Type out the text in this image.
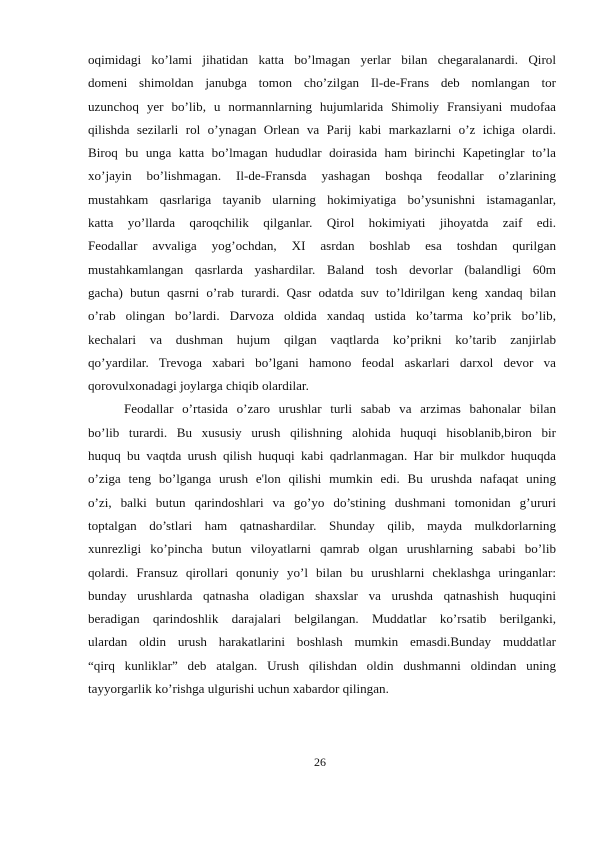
oqimidagi ko’lami jihatidan katta bo’lmagan yerlar bilan chegaralanardi. Qirol
domeni shimoldan janubga tomon cho’zilgan Il-de-Frans deb nomlangan tor
uzunchoq yer bo’lib, u normannlarning hujumlarida Shimoliy Fransiyani mudofaa
qilishda sezilarli rol o’ynagan Orlean va Parij kabi markazlarni o’z ichiga olardi.
Biroq bu unga katta bo’lmagan hududlar doirasida ham birinchi Kapetinglar to’la
xo’jayin bo’lishmagan. Il-de-Fransda yashagan boshqa feodallar o’zlarining
mustahkam qasrlariga tayanib ularning hokimiyatiga bo’ysunishni istamaganlar,
katta yo’llarda qaroqchilik qilganlar. Qirol hokimiyati jihoyatda zaif edi.
Feodallar avvaliga yog’ochdan, XI asrdan boshlab esa toshdan qurilgan
mustahkamlangan qasrlarda yashardilar. Baland tosh devorlar (balandligi 60m
gacha) butun qasrni o’rab turardi. Qasr odatda suv to’ldirilgan keng xandaq bilan
o’rab olingan bo’lardi. Darvoza oldida xandaq ustida ko’tarma ko’prik bo’lib,
kechalari va dushman hujum qilgan vaqtlarda ko’prikni ko’tarib zanjirlab
qo’yardilar. Trevoga xabari bo’lgani hamono feodal askarlari darxol devor va
qorovulxonadagi joylarga chiqib olardilar.
Feodallar o’rtasida o’zaro urushlar turli sabab va arzimas bahonalar bilan
bo’lib turardi. Bu xususiy urush qilishning alohida huquqi hisoblanib,biron bir
huquq bu vaqtda urush qilish huquqi kabi qadrlanmagan. Har bir mulkdor huquqda
o’ziga teng bo’lganga urush e'lon qilishi mumkin edi. Bu urushda nafaqat uning
o’zi, balki butun qarindoshlari va go’yo do’stining dushmani tomonidan g’ururi
toptalgan do’stlari ham qatnashardilar. Shunday qilib, mayda mulkdorlarning
xunrezligi ko’pincha butun viloyatlarni qamrab olgan urushlarning sababi bo’lib
qolardi. Fransuz qirollari qonuniy yo’l bilan bu urushlarni cheklashga uringanlar:
bunday urushlarda qatnasha oladigan shaxslar va urushda qatnashish huquqini
beradigan qarindoshlik darajalari belgilangan. Muddatlar ko’rsatib berilganki,
ulardan oldin urush harakatlarini boshlash mumkin emasdi.Bunday muddatlar
“qirq kunliklar” deb atalgan. Urush qilishdan oldin dushmanni oldindan uning
tayyorgarlik ko’rishga ulgurishi uchun xabardor qilingan.
26
